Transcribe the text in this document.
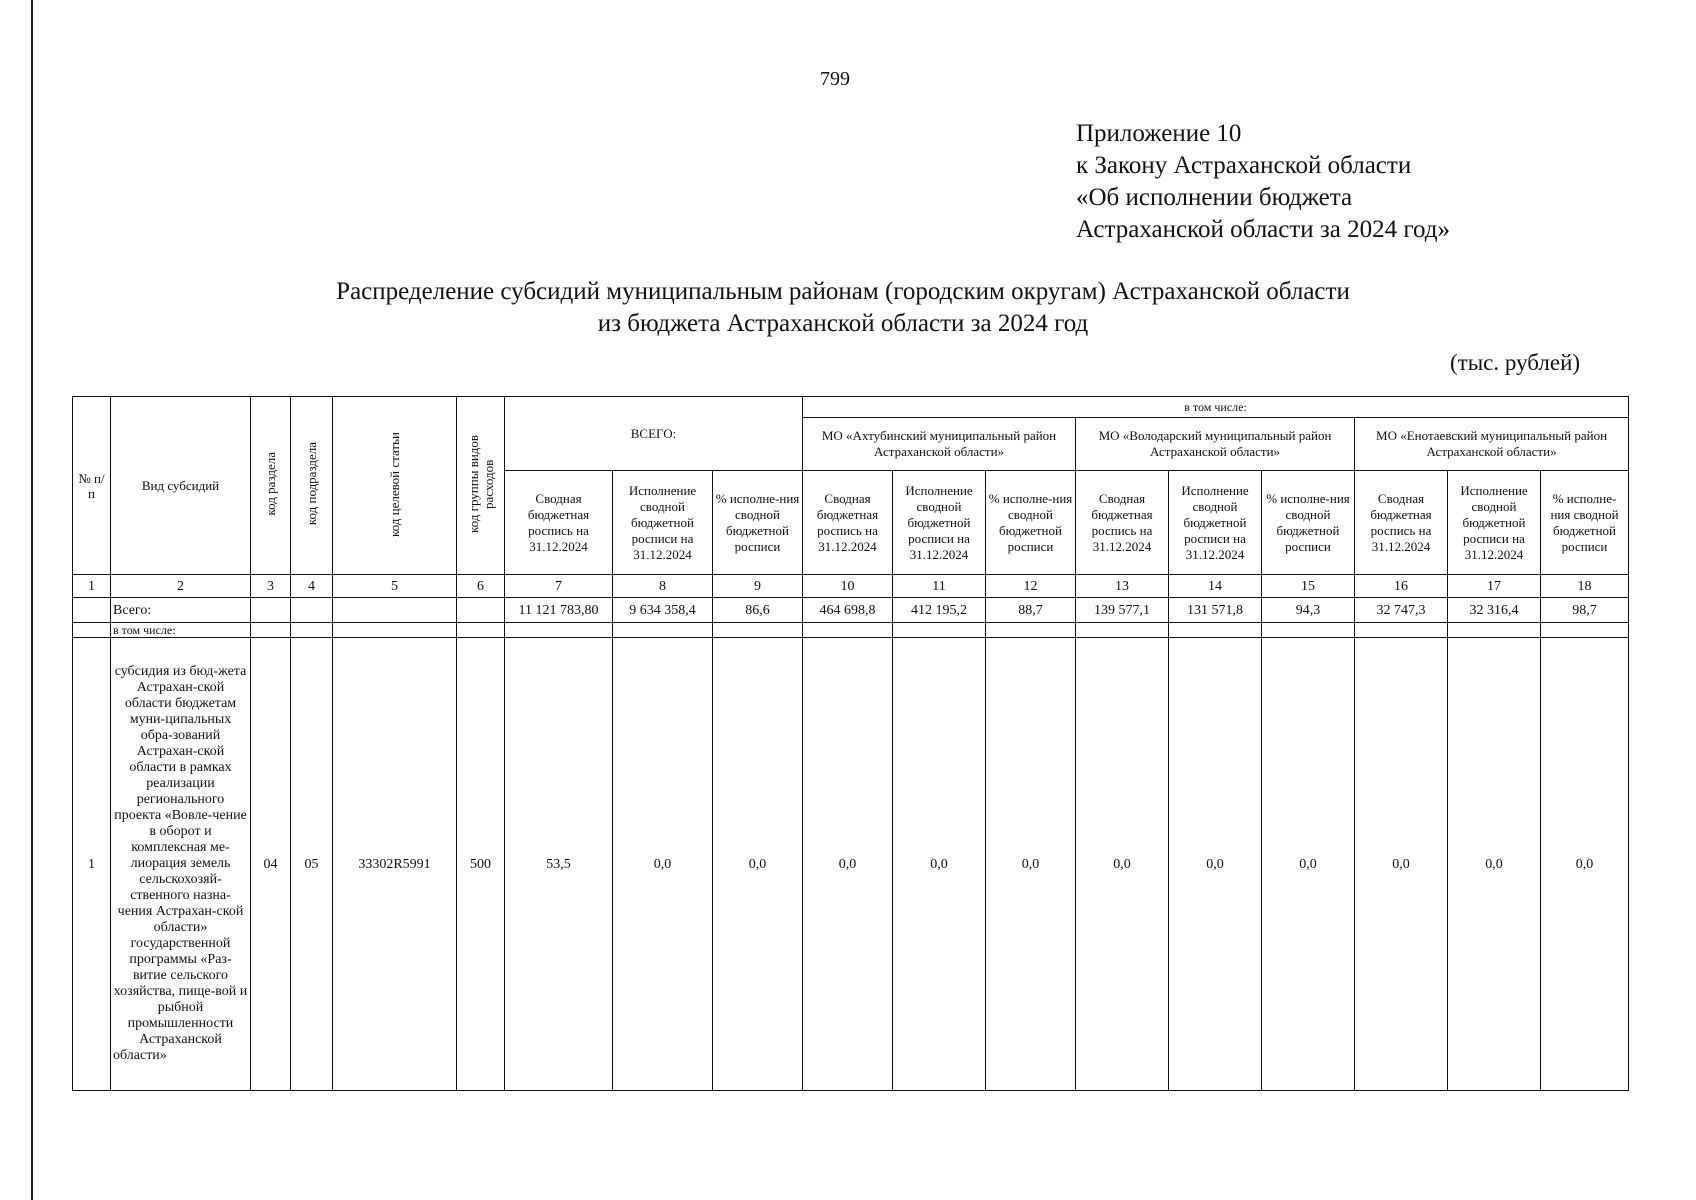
799
Приложение 10
к Закону Астраханской области
«Об исполнении бюджета
Астраханской области за 2024 год»
Распределение субсидий муниципальным районам (городским округам) Астраханской области
из бюджета Астраханской области за 2024 год
(тыс. рублей)
№ п/п	Вид субсидий	код раздела	код подраздела	код целевой статьи	код группы видов расходов	ВСЕГО:			в том числе:								
									МО «Ахтубинский муниципальный район Астраханской области»			МО «Володарский муниципальный район Астраханской области»			МО «Енотаевский муниципальный район Астраханской области»		
						Сводная бюджетная роспись на 31.12.2024	Исполнение сводной бюджетной росписи на 31.12.2024	% исполне-ния сводной бюджетной росписи	Сводная бюджетная роспись на 31.12.2024	Исполнение сводной бюджетной росписи на 31.12.2024	% исполне-ния сводной бюджетной росписи	Сводная бюджетная роспись на 31.12.2024	Исполнение сводной бюджетной росписи на 31.12.2024	% исполне-ния сводной бюджетной росписи	Сводная бюджетная роспись на 31.12.2024	Исполнение сводной бюджетной росписи на 31.12.2024	% исполне-ния сводной бюджетной росписи
1	2	3	4	5	6	7	8	9	10	11	12	13	14	15	16	17	18
	Всего:					11 121 783,80	9 634 358,4	86,6	464 698,8	412 195,2	88,7	139 577,1	131 571,8	94,3	32 747,3	32 316,4	98,7
	в том числе:																
1	субсидия из бюд-жета Астрахан-ской области бюджетам муни-ципальных обра-зований Астрахан-ской области в рамках реализации регионального проекта «Вовле-чение в оборот и комплексная ме-лиорация земель сельскохозяй-ственного назна-чения Астрахан-ской области» государственной программы «Раз-витие сельского хозяйства, пище-вой и рыбной промышленности Астраханской области»	04	05	33302R5991	500	53,5	0,0	0,0	0,0	0,0	0,0	0,0	0,0	0,0	0,0	0,0	0,0
